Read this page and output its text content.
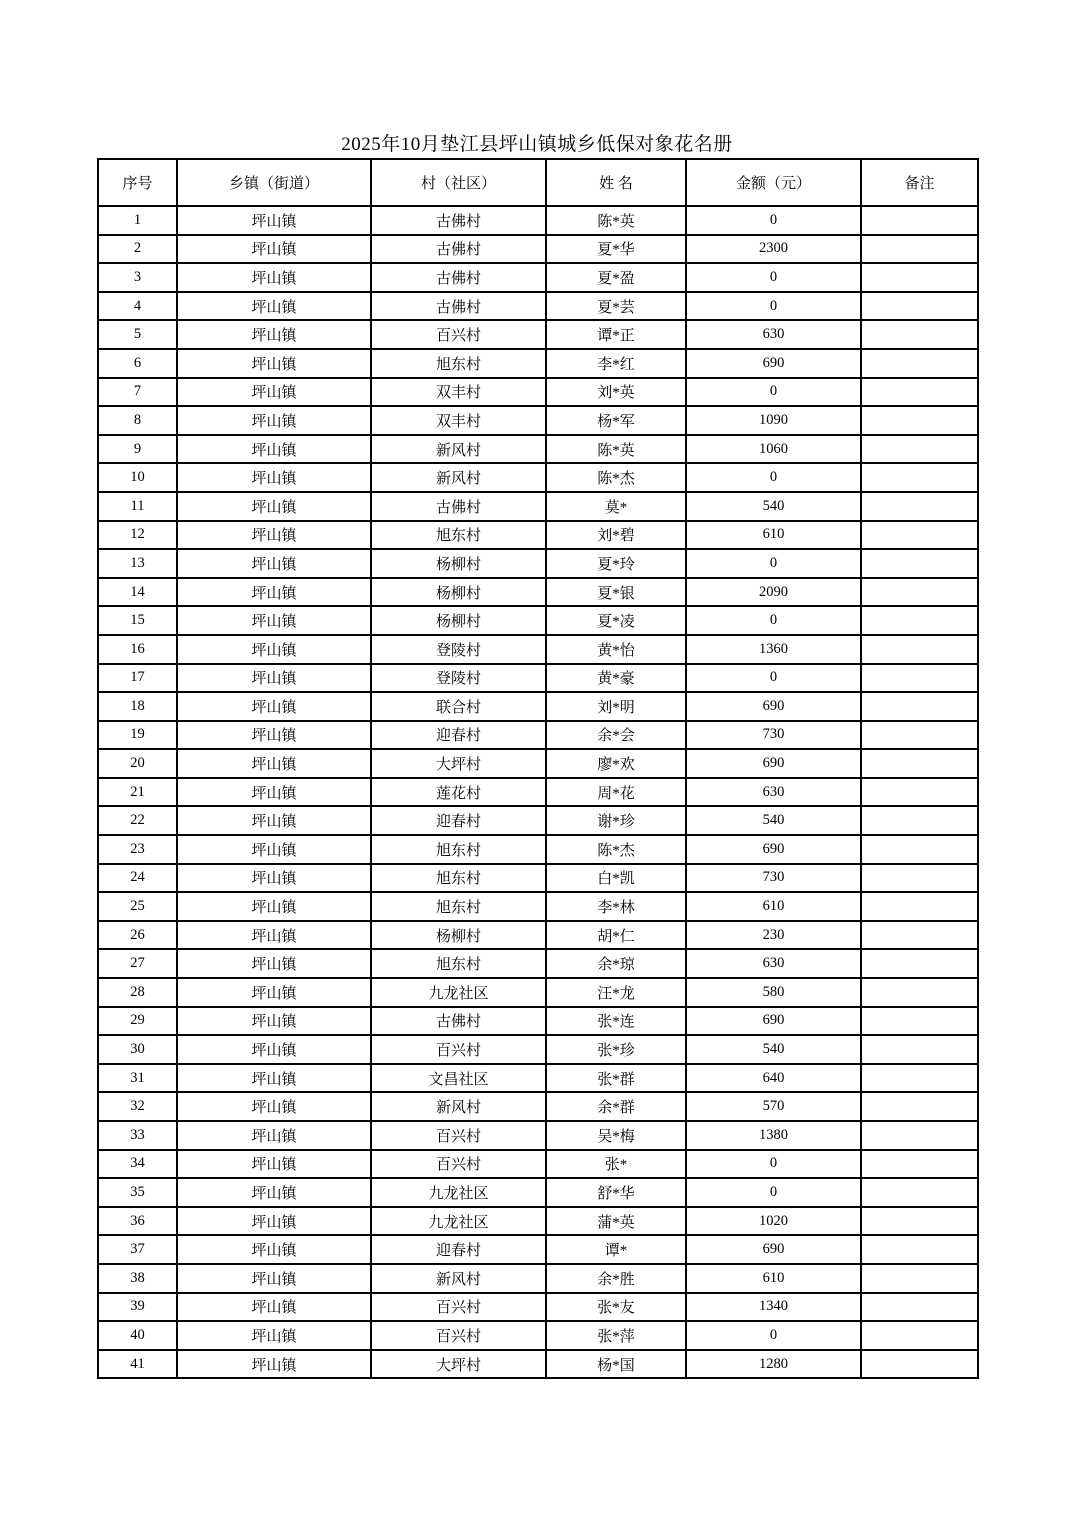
2025年10月垫江县坪山镇城乡低保对象花名册
序号	乡镇（街道）	村（社区）	姓 名	金额（元）	备注
1	坪山镇	古佛村	陈*英	0	
2	坪山镇	古佛村	夏*华	2300	
3	坪山镇	古佛村	夏*盈	0	
4	坪山镇	古佛村	夏*芸	0	
5	坪山镇	百兴村	谭*正	630	
6	坪山镇	旭东村	李*红	690	
7	坪山镇	双丰村	刘*英	0	
8	坪山镇	双丰村	杨*军	1090	
9	坪山镇	新风村	陈*英	1060	
10	坪山镇	新风村	陈*杰	0	
11	坪山镇	古佛村	莫*	540	
12	坪山镇	旭东村	刘*碧	610	
13	坪山镇	杨柳村	夏*玲	0	
14	坪山镇	杨柳村	夏*银	2090	
15	坪山镇	杨柳村	夏*凌	0	
16	坪山镇	登陵村	黄*怡	1360	
17	坪山镇	登陵村	黄*豪	0	
18	坪山镇	联合村	刘*明	690	
19	坪山镇	迎春村	余*会	730	
20	坪山镇	大坪村	廖*欢	690	
21	坪山镇	莲花村	周*花	630	
22	坪山镇	迎春村	谢*珍	540	
23	坪山镇	旭东村	陈*杰	690	
24	坪山镇	旭东村	白*凯	730	
25	坪山镇	旭东村	李*林	610	
26	坪山镇	杨柳村	胡*仁	230	
27	坪山镇	旭东村	余*琼	630	
28	坪山镇	九龙社区	汪*龙	580	
29	坪山镇	古佛村	张*连	690	
30	坪山镇	百兴村	张*珍	540	
31	坪山镇	文昌社区	张*群	640	
32	坪山镇	新风村	余*群	570	
33	坪山镇	百兴村	吴*梅	1380	
34	坪山镇	百兴村	张*	0	
35	坪山镇	九龙社区	舒*华	0	
36	坪山镇	九龙社区	蒲*英	1020	
37	坪山镇	迎春村	谭*	690	
38	坪山镇	新风村	余*胜	610	
39	坪山镇	百兴村	张*友	1340	
40	坪山镇	百兴村	张*萍	0	
41	坪山镇	大坪村	杨*国	1280	
